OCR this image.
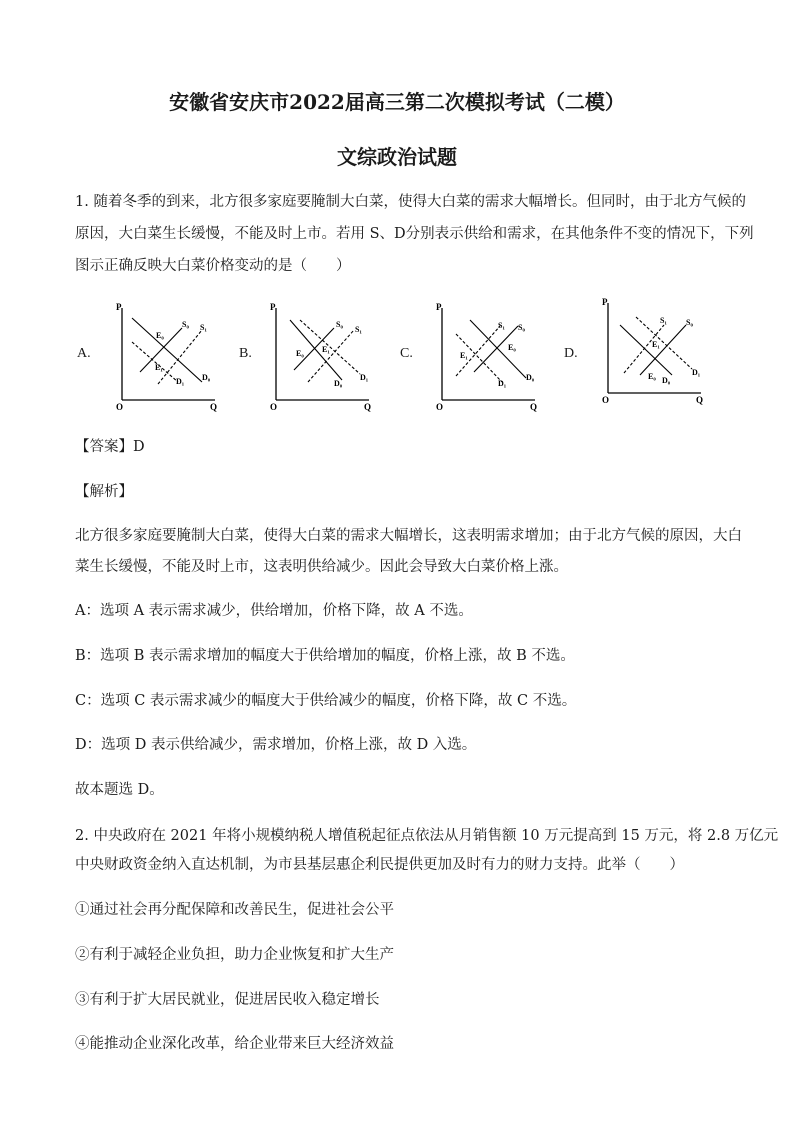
安徽省安庆市2022届高三第二次模拟考试（二模）
文综政治试题
1. 随着冬季的到来，北方很多家庭要腌制大白菜，使得大白菜的需求大幅增长。但同时，由于北方气候的
原因，大白菜生长缓慢，不能及时上市。若用 S、D分别表示供给和需求，在其他条件不变的情况下，下列
图示正确反映大白菜价格变动的是（　　）
A.
P
Q
O
S₀ S₁
D₀
D₁
E₀
E₁
B.
P
Q
O
S₀
S₁
D₀
D₁
E₀ E₁	C.
P
Q
O
S₁ S₀
D₀
D₁
E₀
E₁	D.
P
Q
O
S₁ S₀
D₀
D₁
E₀
E₁
【答案】D
【解析】
北方很多家庭要腌制大白菜，使得大白菜的需求大幅增长，这表明需求增加；由于北方气候的原因，大白
菜生长缓慢，不能及时上市，这表明供给减少。因此会导致大白菜价格上涨。
A：选项 A 表示需求减少，供给增加，价格下降，故 A 不选。
B：选项 B 表示需求增加的幅度大于供给增加的幅度，价格上涨，故 B 不选。
C：选项 C 表示需求减少的幅度大于供给减少的幅度，价格下降，故 C 不选。
D：选项 D 表示供给减少，需求增加，价格上涨，故 D 入选。
故本题选 D。
2. 中央政府在 2021 年将小规模纳税人增值税起征点依法从月销售额 10 万元提高到 15 万元，将 2.8 万亿元
中央财政资金纳入直达机制，为市县基层惠企利民提供更加及时有力的财力支持。此举（　　）
①通过社会再分配保障和改善民生，促进社会公平
②有利于减轻企业负担，助力企业恢复和扩大生产
③有利于扩大居民就业，促进居民收入稳定增长
④能推动企业深化改革，给企业带来巨大经济效益
